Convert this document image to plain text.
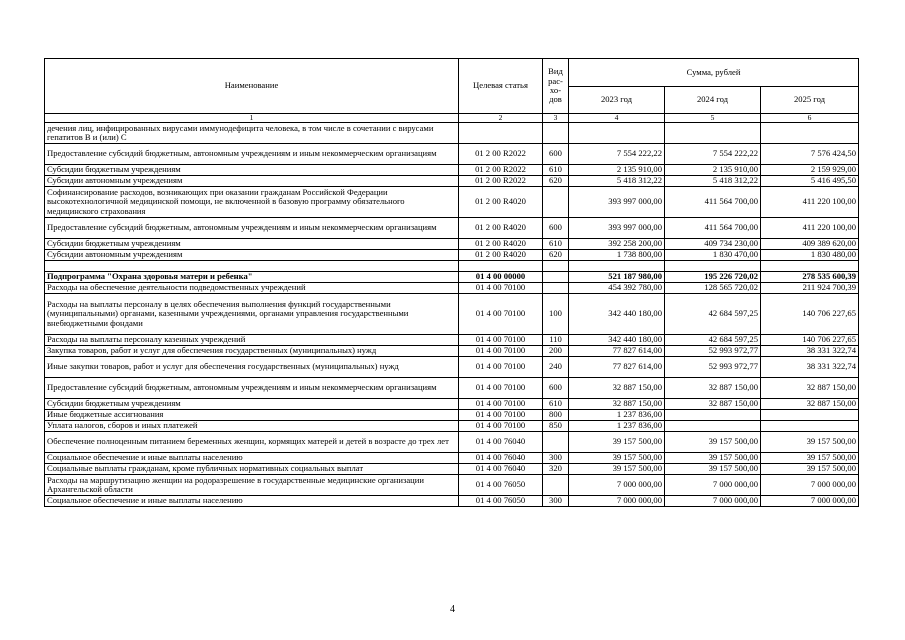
Наименование	Целевая статья	Вид рас-хо-дов	Сумма, рублей		
			2023 год	2024 год	2025 год
1	2	3	4	5	6
дечения лиц, инфицированных вирусами иммунодефицита человека, в том числе в сочетании с вирусами гепатитов B и (или) C					
Предоставление субсидий бюджетным, автономным учреждениям и иным некоммерческим организациям	01 2 00 R2022	600	7 554 222,22	7 554 222,22	7 576 424,50
Субсидии бюджетным учреждениям	01 2 00 R2022	610	2 135 910,00	2 135 910,00	2 159 929,00
Субсидии автономным учреждениям	01 2 00 R2022	620	5 418 312,22	5 418 312,22	5 416 495,50
Софинансирование расходов, возникающих при оказании гражданам Российской Федерации высокотехнологичной медицинской помощи, не включенной в базовую программу обязательного медицинского страхования	01 2 00 R4020		393 997 000,00	411 564 700,00	411 220 100,00
Предоставление субсидий бюджетным, автономным учреждениям и иным некоммерческим организациям	01 2 00 R4020	600	393 997 000,00	411 564 700,00	411 220 100,00
Субсидии бюджетным учреждениям	01 2 00 R4020	610	392 258 200,00	409 734 230,00	409 389 620,00
Субсидии автономным учреждениям	01 2 00 R4020	620	1 738 800,00	1 830 470,00	1 830 480,00

Подпрограмма "Охрана здоровья матери и ребенка"	01 4 00 00000		521 187 980,00	195 226 720,02	278 535 600,39
Расходы на обеспечение деятельности подведомственных учреждений	01 4 00 70100		454 392 780,00	128 565 720,02	211 924 700,39
Расходы на выплаты персоналу в целях обеспечения выполнения функций государственными (муниципальными) органами, казенными учреждениями, органами управления государственными внебюджетными фондами	01 4 00 70100	100	342 440 180,00	42 684 597,25	140 706 227,65
Расходы на выплаты персоналу казенных учреждений	01 4 00 70100	110	342 440 180,00	42 684 597,25	140 706 227,65
Закупка товаров, работ и услуг для обеспечения государственных (муниципальных) нужд	01 4 00 70100	200	77 827 614,00	52 993 972,77	38 331 322,74
Иные закупки товаров, работ и услуг для обеспечения государственных (муниципальных) нужд	01 4 00 70100	240	77 827 614,00	52 993 972,77	38 331 322,74
Предоставление субсидий бюджетным, автономным учреждениям и иным некоммерческим организациям	01 4 00 70100	600	32 887 150,00	32 887 150,00	32 887 150,00
Субсидии бюджетным учреждениям	01 4 00 70100	610	32 887 150,00	32 887 150,00	32 887 150,00
Иные бюджетные ассигнования	01 4 00 70100	800	1 237 836,00		
Уплата налогов, сборов и иных платежей	01 4 00 70100	850	1 237 836,00		
Обеспечение полноценным питанием беременных женщин, кормящих матерей и детей в возрасте до трех лет	01 4 00 76040		39 157 500,00	39 157 500,00	39 157 500,00
Социальное обеспечение и иные выплаты населению	01 4 00 76040	300	39 157 500,00	39 157 500,00	39 157 500,00
Социальные выплаты гражданам, кроме публичных нормативных социальных выплат	01 4 00 76040	320	39 157 500,00	39 157 500,00	39 157 500,00
Расходы на маршрутизацию женщин на родоразрешение в государственные медицинские организации Архангельской области	01 4 00 76050		7 000 000,00	7 000 000,00	7 000 000,00
Социальное обеспечение и иные выплаты населению	01 4 00 76050	300	7 000 000,00	7 000 000,00	7 000 000,00
4
